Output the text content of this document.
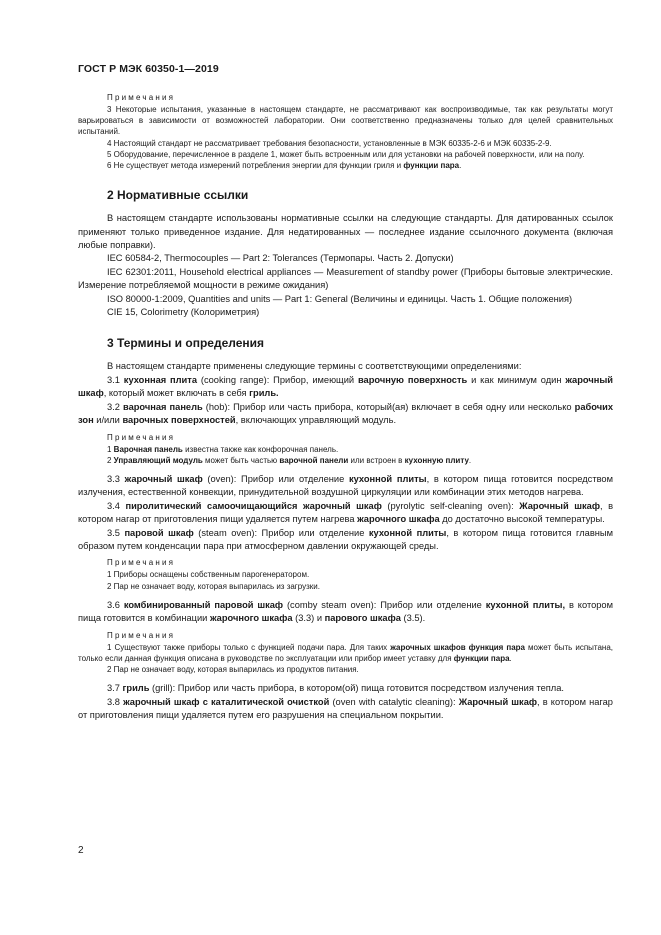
ГОСТ Р МЭК 60350-1—2019
Примечания

3 Некоторые испытания, указанные в настоящем стандарте, не рассматривают как воспроизводимые, так как результаты могут варьироваться в зависимости от возможностей лаборатории. Они соответственно предназначены только для целей сравнительных испытаний.

4 Настоящий стандарт не рассматривает требования безопасности, установленные в МЭК 60335-2-6 и МЭК 60335-2-9.

5 Оборудование, перечисленное в разделе 1, может быть встроенным или для установки на рабочей поверхности, или на полу.

6 Не существует метода измерений потребления энергии для функции гриля и функции пара.

2 Нормативные ссылки

В настоящем стандарте использованы нормативные ссылки на следующие стандарты. Для датированных ссылок применяют только приведенное издание. Для недатированных — последнее издание ссылочного документа (включая любые поправки).

IEC 60584-2, Thermocouples — Part 2: Tolerances (Термопары. Часть 2. Допуски)

IEC 62301:2011, Household electrical appliances — Measurement of standby power (Приборы бытовые электрические. Измерение потребляемой мощности в режиме ожидания)

ISO 80000-1:2009, Quantities and units — Part 1: General (Величины и единицы. Часть 1. Общие положения)

CIE 15, Colorimetry (Колориметрия)

3 Термины и определения

В настоящем стандарте применены следующие термины с соответствующими определениями:

3.1 кухонная плита (cooking range): Прибор, имеющий варочную поверхность и как минимум один жарочный шкаф, который может включать в себя гриль.

3.2 варочная панель (hob): Прибор или часть прибора, который(ая) включает в себя одну или несколько рабочих зон и/или варочных поверхностей, включающих управляющий модуль.

Примечания

1 Варочная панель известна также как конфорочная панель.

2 Управляющий модуль может быть частью варочной панели или встроен в кухонную плиту.

3.3 жарочный шкаф (oven): Прибор или отделение кухонной плиты, в котором пища готовится посредством излучения, естественной конвекции, принудительной воздушной циркуляции или комбинации этих методов нагрева.

3.4 пиролитический самоочищающийся жарочный шкаф (pyrolytic self-cleaning oven): Жарочный шкаф, в котором нагар от приготовления пищи удаляется путем нагрева жарочного шкафа до достаточно высокой температуры.

3.5 паровой шкаф (steam oven): Прибор или отделение кухонной плиты, в котором пища готовится главным образом путем конденсации пара при атмосферном давлении окружающей среды.

Примечания

1 Приборы оснащены собственным парогенератором.

2 Пар не означает воду, которая выпарилась из загрузки.

3.6 комбинированный паровой шкаф (comby steam oven): Прибор или отделение кухонной плиты, в котором пища готовится в комбинации жарочного шкафа (3.3) и парового шкафа (3.5).

Примечания

1 Существуют также приборы только с функцией подачи пара. Для таких жарочных шкафов функция пара может быть испытана, только если данная функция описана в руководстве по эксплуатации или прибор имеет уставку для функции пара.

2 Пар не означает воду, которая выпарилась из продуктов питания.

3.7 гриль (grill): Прибор или часть прибора, в котором(ой) пища готовится посредством излучения тепла.

3.8 жарочный шкаф с каталитической очисткой (oven with catalytic cleaning): Жарочный шкаф, в котором нагар от приготовления пищи удаляется путем его разрушения на специальном покрытии.

2
